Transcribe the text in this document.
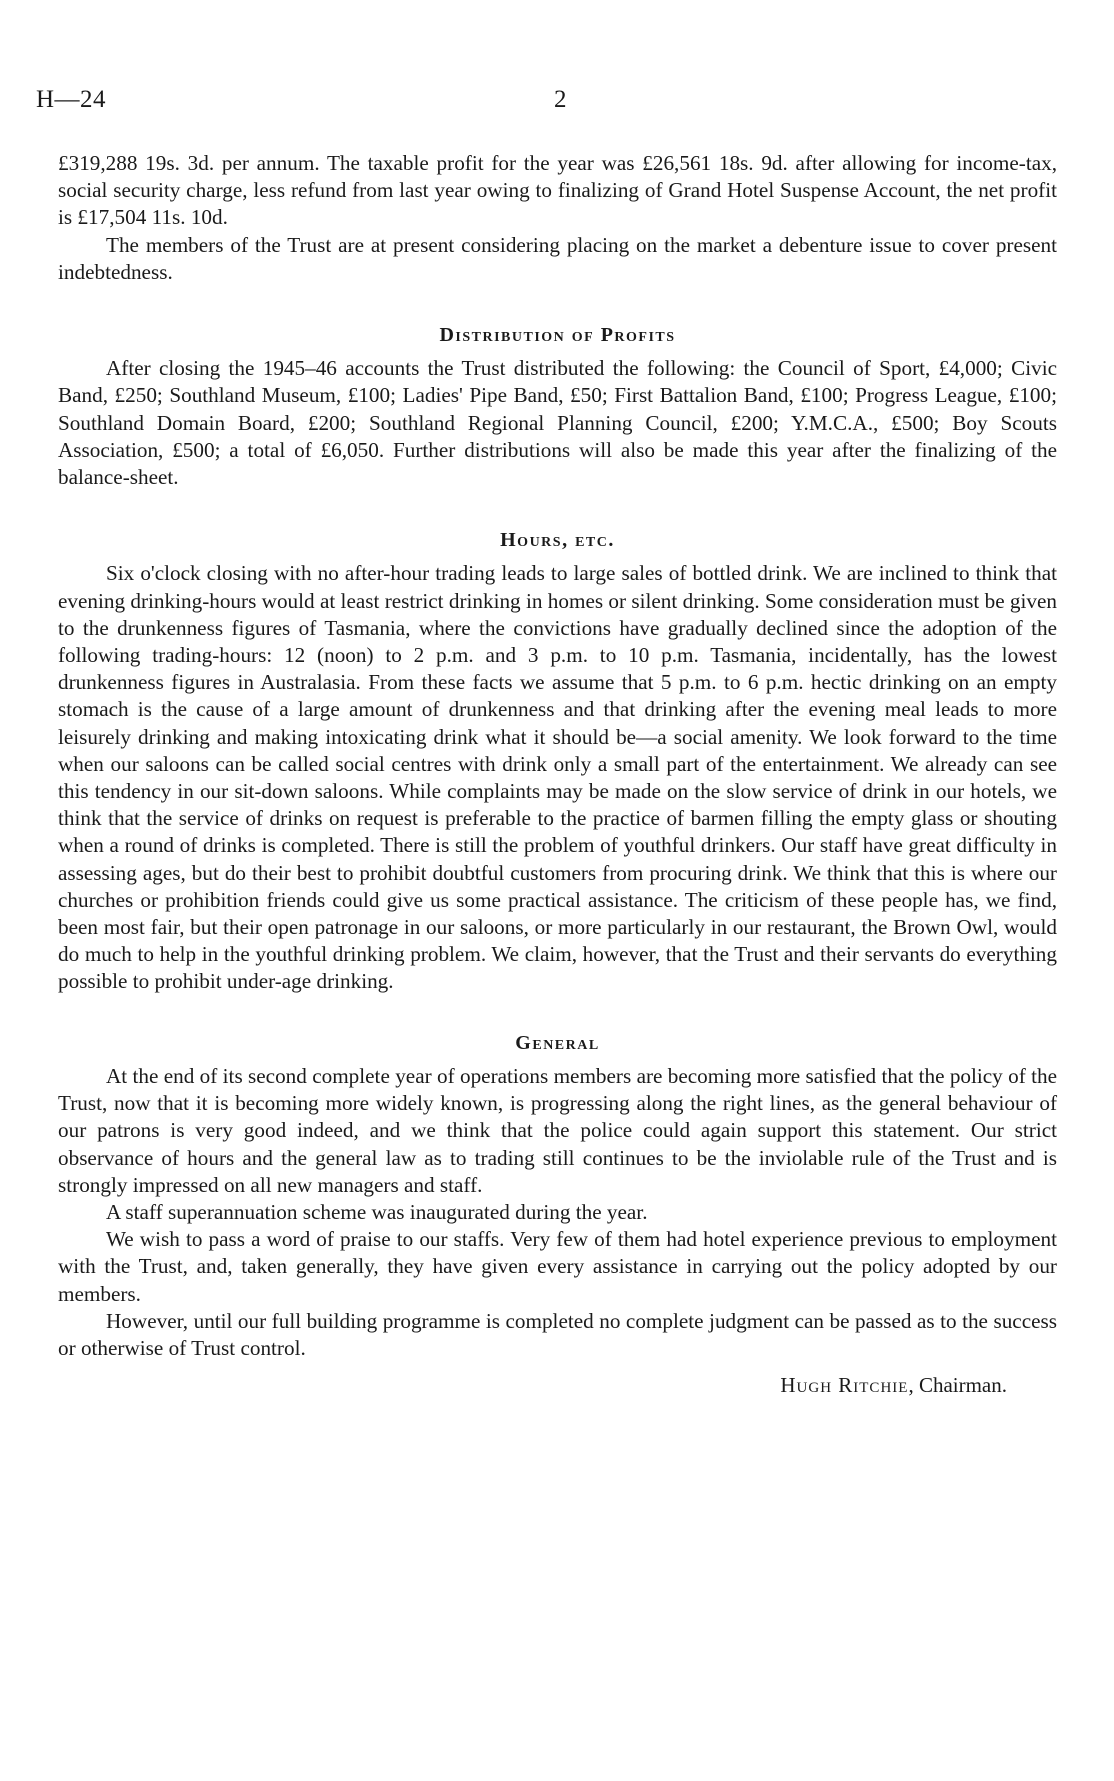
H—24	2

£319,288 19s. 3d. per annum. The taxable profit for the year was £26,561 18s. 9d. after allowing for income-tax, social security charge, less refund from last year owing to finalizing of Grand Hotel Suspense Account, the net profit is £17,504 11s. 10d.

The members of the Trust are at present considering placing on the market a debenture issue to cover present indebtedness.

Distribution of Profits

After closing the 1945–46 accounts the Trust distributed the following: the Council of Sport, £4,000; Civic Band, £250; Southland Museum, £100; Ladies' Pipe Band, £50; First Battalion Band, £100; Progress League, £100; Southland Domain Board, £200; Southland Regional Planning Council, £200; Y.M.C.A., £500; Boy Scouts Association, £500; a total of £6,050. Further distributions will also be made this year after the finalizing of the balance-sheet.

Hours, etc.

Six o'clock closing with no after-hour trading leads to large sales of bottled drink. We are inclined to think that evening drinking-hours would at least restrict drinking in homes or silent drinking. Some consideration must be given to the drunkenness figures of Tasmania, where the convictions have gradually declined since the adoption of the following trading-hours: 12 (noon) to 2 p.m. and 3 p.m. to 10 p.m. Tasmania, incidentally, has the lowest drunkenness figures in Australasia. From these facts we assume that 5 p.m. to 6 p.m. hectic drinking on an empty stomach is the cause of a large amount of drunkenness and that drinking after the evening meal leads to more leisurely drinking and making intoxicating drink what it should be—a social amenity. We look forward to the time when our saloons can be called social centres with drink only a small part of the entertainment. We already can see this tendency in our sit-down saloons. While complaints may be made on the slow service of drink in our hotels, we think that the service of drinks on request is preferable to the practice of barmen filling the empty glass or shouting when a round of drinks is completed. There is still the problem of youthful drinkers. Our staff have great difficulty in assessing ages, but do their best to prohibit doubtful customers from procuring drink. We think that this is where our churches or prohibition friends could give us some practical assistance. The criticism of these people has, we find, been most fair, but their open patronage in our saloons, or more particularly in our restaurant, the Brown Owl, would do much to help in the youthful drinking problem. We claim, however, that the Trust and their servants do everything possible to prohibit under-age drinking.

General

At the end of its second complete year of operations members are becoming more satisfied that the policy of the Trust, now that it is becoming more widely known, is progressing along the right lines, as the general behaviour of our patrons is very good indeed, and we think that the police could again support this statement. Our strict observance of hours and the general law as to trading still continues to be the inviolable rule of the Trust and is strongly impressed on all new managers and staff.

A staff superannuation scheme was inaugurated during the year.

We wish to pass a word of praise to our staffs. Very few of them had hotel experience previous to employment with the Trust, and, taken generally, they have given every assistance in carrying out the policy adopted by our members.

However, until our full building programme is completed no complete judgment can be passed as to the success or otherwise of Trust control.

Hugh Ritchie, Chairman.
